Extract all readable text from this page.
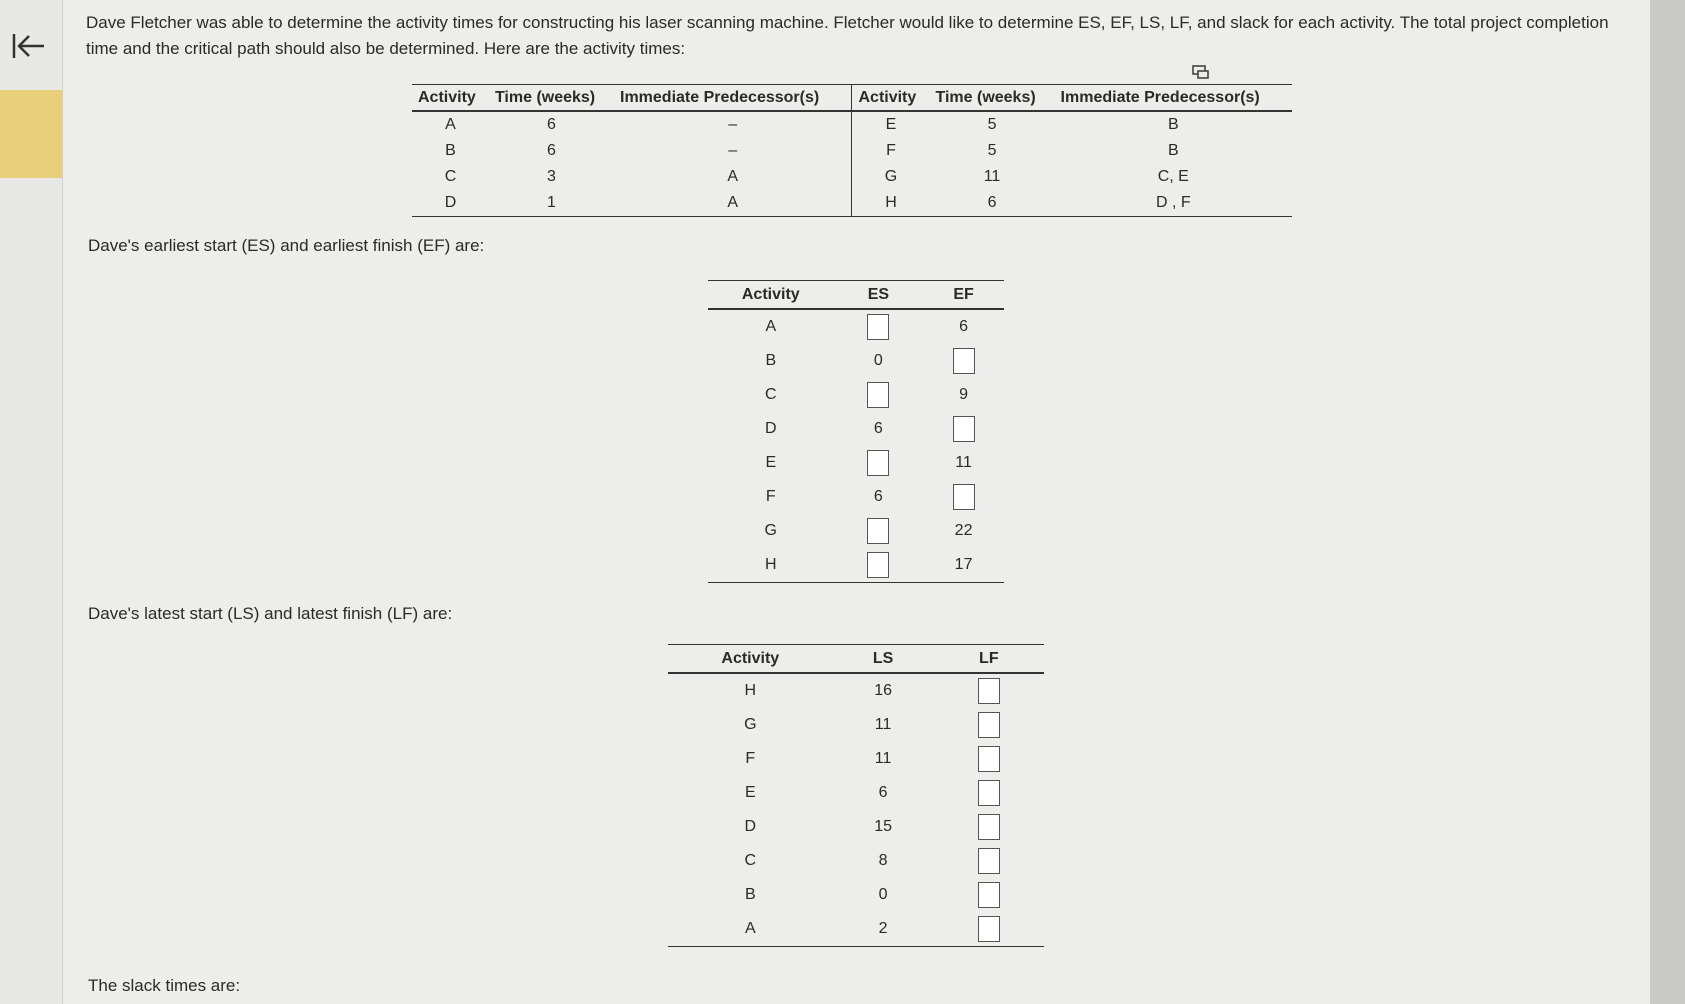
Dave Fletcher was able to determine the activity times for constructing his laser scanning machine. Fletcher would like to determine ES, EF, LS, LF, and slack for each activity. The total project completion time and the critical path should also be determined. Here are the activity times:
Activity	Time (weeks)	Immediate Predecessor(s)	Activity	Time (weeks)	Immediate Predecessor(s)
A	6	–	E	5	B
B	6	–	F	5	B
C	3	A	G	11	C, E
D	1	A	H	6	D , F
Dave's earliest start (ES) and earliest finish (EF) are:
Activity	ES	EF
A		6
B	0	
C		9
D	6	
E		11
F	6	
G		22
H		17
Dave's latest start (LS) and latest finish (LF) are:
Activity	LS	LF
H	16	
G	11	
F	11	
E	6	
D	15	
C	8	
B	0	
A	2	
The slack times are:
